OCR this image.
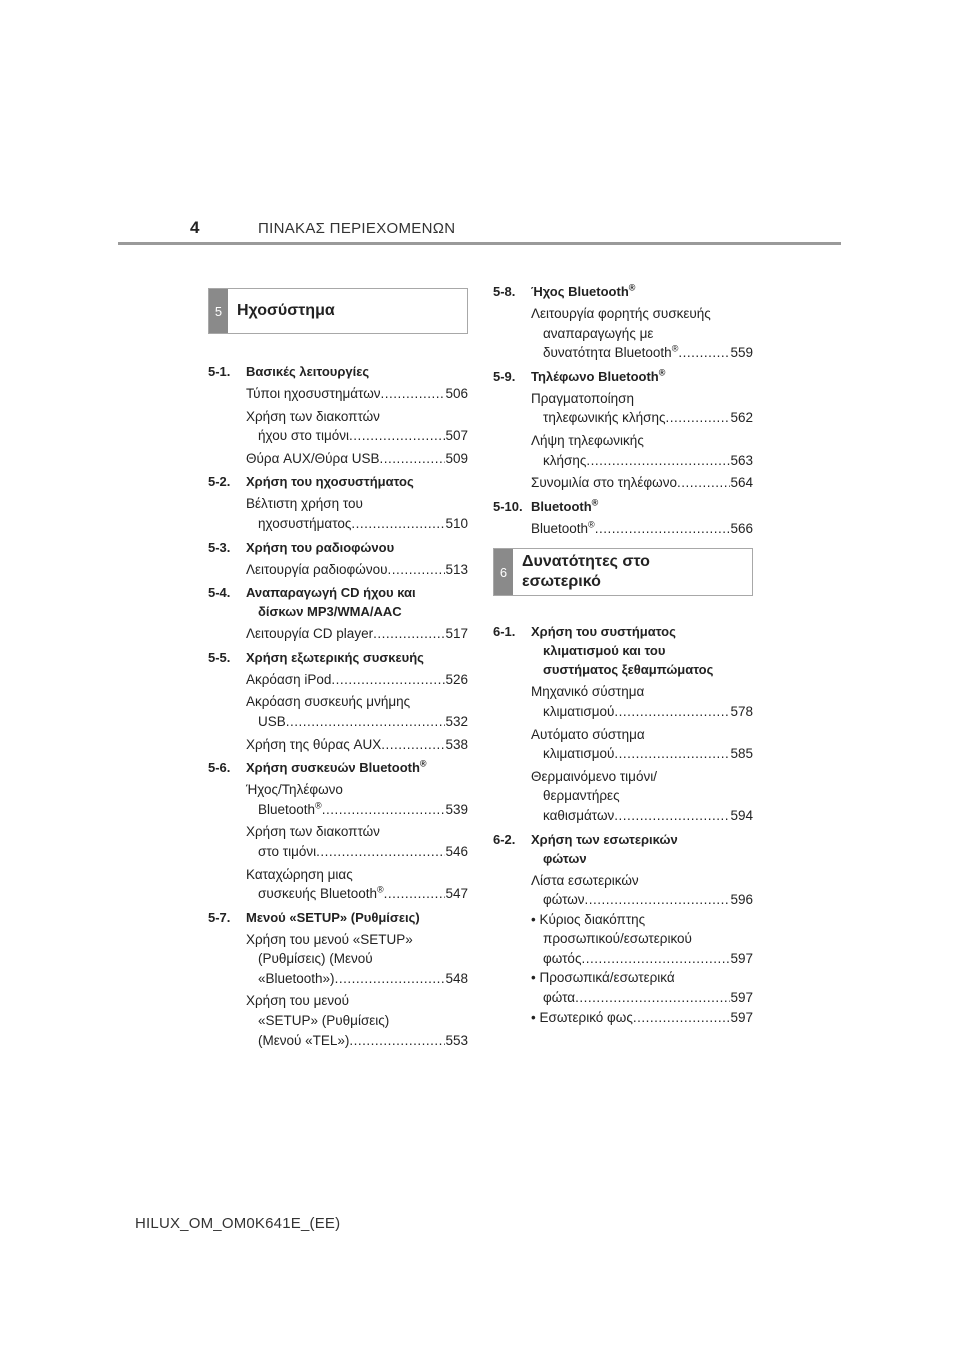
4	ΠΙΝΑΚΑΣ ΠΕΡΙΕΧΟΜΕΝΩΝ
5 Ηχοσύστημα
5-1.	Βασικές λειτουργίες
Τύποι ηχοσυστημάτων .....	506
Χρήση των διακοπτών
ήχου στο τιμόνι .....	507
Θύρα AUX/Θύρα USB .....	509
5-2.	Χρήση του ηχοσυστήματος
Βέλτιστη χρήση του
ηχοσυστήματος .....	510
5-3.	Χρήση του ραδιοφώνου
Λειτουργία ραδιοφώνου .....	513
5-4.	Αναπαραγωγή CD ήχου και
δίσκων MP3/WMA/AAC
Λειτουργία CD player .....	517
5-5.	Χρήση εξωτερικής συσκευής
Ακρόαση iPod .....	526
Ακρόαση συσκευής μνήμης
USB .....	532
Χρήση της θύρας AUX .....	538
5-6.	Χρήση συσκευών Bluetooth®
Ήχος/Τηλέφωνο
Bluetooth® .....	539
Χρήση των διακοπτών
στο τιμόνι .....	546
Καταχώρηση μιας
συσκευής Bluetooth® .....	547
5-7.	Μενού «SETUP» (Ρυθμίσεις)
Χρήση του μενού «SETUP»
(Ρυθμίσεις) (Μενού
«Bluetooth») .....	548
Χρήση του μενού
«SETUP» (Ρυθμίσεις)
(Μενού «TEL») .....	553
5-8.	Ήχος Bluetooth®
Λειτουργία φορητής συσκευής
αναπαραγωγής με
δυνατότητα Bluetooth® .....	559
5-9.	Τηλέφωνο Bluetooth®
Πραγματοποίηση
τηλεφωνικής κλήσης .....	562
Λήψη τηλεφωνικής
κλήσης .....	563
Συνομιλία στο τηλέφωνο .....	564
5-10. Bluetooth®
Bluetooth® .....	566
6
Δυνατότητες στο
εσωτερικό
6-1.	Χρήση του συστήματος
κλιματισμού και του
συστήματος ξεθαμπώματος
Μηχανικό σύστημα
κλιματισμού .....	578
Αυτόματο σύστημα
κλιματισμού .....	585
Θερμαινόμενο τιμόνι/
θερμαντήρες
καθισμάτων .....	594
6-2.	Χρήση των εσωτερικών
φώτων
Λίστα εσωτερικών
φώτων .....	596
• Κύριος διακόπτης
προσωπικού/εσωτερικού
φωτός .....	597
• Προσωπικά/εσωτερικά
φώτα .....	597
• Εσωτερικό φως .....	597
HILUX_OM_OM0K641E_(EE)
